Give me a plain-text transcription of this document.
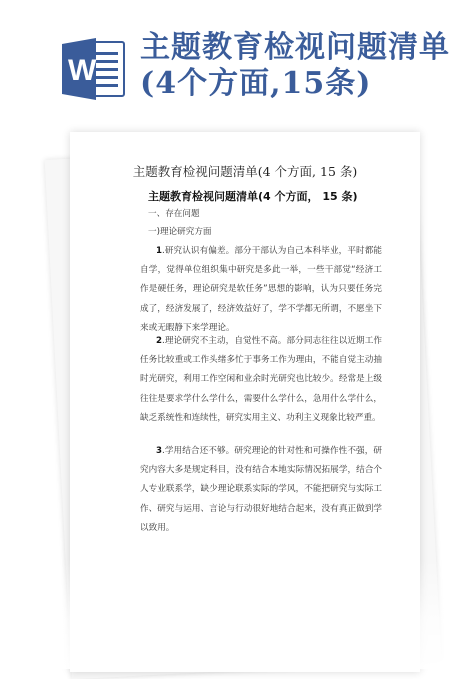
W
主题教育检视问题清单(4个方面,15条)
主题教育检视问题清单(4 个方面, 15 条)
主题教育检视问题清单(4 个方面， 15 条)
一、存在问题
一)理论研究方面
1.研究认识有偏差。部分干部认为自己本科毕业，平时都能自学，觉得单位组织集中研究是多此一举，一些干部觉“经济工作是硬任务，理论研究是软任务”思想的影响，认为只要任务完成了，经济发展了，经济效益好了，学不学都无所谓，不愿坐下来或无暇静下来学理论。
2.理论研究不主动，自觉性不高。部分同志往往以近期工作任务比较重或工作头绪多忙于事务工作为理由，不能自觉主动抽时光研究，利用工作空闲和业余时光研究也比较少。经常是上级往往是要求学什么学什么，需要什么学什么，急用什么学什么，缺乏系统性和连续性，研究实用主义、功利主义现象比较严重。
3.学用结合还不够。研究理论的针对性和可操作性不强，研究内容大多是规定科目，没有结合本地实际情况拓展学，结合个人专业联系学，缺少理论联系实际的学风，不能把研究与实际工作、研究与运用、言论与行动很好地结合起来，没有真正做到学以致用。
